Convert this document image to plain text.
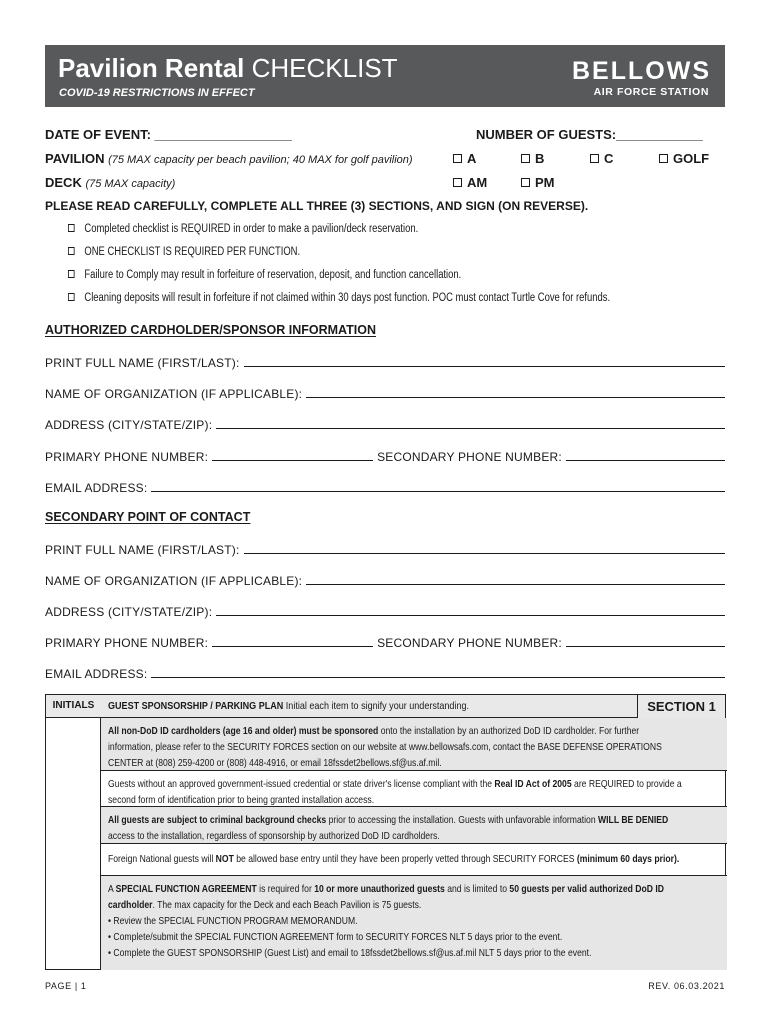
Pavilion Rental CHECKLIST
COVID-19 RESTRICTIONS IN EFFECT
BELLOWS
AIR FORCE STATION
DATE OF EVENT: ___________________	NUMBER OF GUESTS:____________
PAVILION (75 MAX capacity per beach pavilion; 40 MAX for golf pavilion)	A	B	C	GOLF
DECK (75 MAX capacity)	AM	PM
PLEASE READ CAREFULLY, COMPLETE ALL THREE (3) SECTIONS, AND SIGN (ON REVERSE).
Completed checklist is REQUIRED in order to make a pavilion/deck reservation.
ONE CHECKLIST IS REQUIRED PER FUNCTION.
Failure to Comply may result in forfeiture of reservation, deposit, and function cancellation.
Cleaning deposits will result in forfeiture if not claimed within 30 days post function. POC must contact Turtle Cove for refunds.
AUTHORIZED CARDHOLDER/SPONSOR INFORMATION
PRINT FULL NAME (FIRST/LAST):
NAME OF ORGANIZATION (IF APPLICABLE):
ADDRESS (CITY/STATE/ZIP):
PRIMARY PHONE NUMBER:	SECONDARY PHONE NUMBER:
EMAIL ADDRESS:
SECONDARY POINT OF CONTACT
PRINT FULL NAME (FIRST/LAST):
NAME OF ORGANIZATION (IF APPLICABLE):
ADDRESS (CITY/STATE/ZIP):
PRIMARY PHONE NUMBER:	SECONDARY PHONE NUMBER:
EMAIL ADDRESS:
INITIALS	GUEST SPONSORSHIP / PARKING PLAN Initial each item to signify your understanding.	SECTION 1

All non-DoD ID cardholders (age 16 and older) must be sponsored onto the installation by an authorized DoD ID cardholder. For further information, please refer to the SECURITY FORCES section on our website at www.bellowsafs.com, contact the BASE DEFENSE OPERATIONS CENTER at (808) 259-4200 or (808) 448-4916, or email 18fssdet2bellows.sf@us.af.mil.

Guests without an approved government-issued credential or state driver's license compliant with the Real ID Act of 2005 are REQUIRED to provide a second form of identification prior to being granted installation access.

All guests are subject to criminal background checks prior to accessing the installation. Guests with unfavorable information WILL BE DENIED access to the installation, regardless of sponsorship by authorized DoD ID cardholders.

Foreign National guests will NOT be allowed base entry until they have been properly vetted through SECURITY FORCES (minimum 60 days prior).

A SPECIAL FUNCTION AGREEMENT is required for 10 or more unauthorized guests and is limited to 50 guests per valid authorized DoD ID cardholder. The max capacity for the Deck and each Beach Pavilion is 75 guests.
• Review the SPECIAL FUNCTION PROGRAM MEMORANDUM.
• Complete/submit the SPECIAL FUNCTION AGREEMENT form to SECURITY FORCES NLT 5 days prior to the event.
• Complete the GUEST SPONSORSHIP (Guest List) and email to 18fssdet2bellows.sf@us.af.mil NLT 5 days prior to the event.

PAGE | 1	REV. 06.03.2021
